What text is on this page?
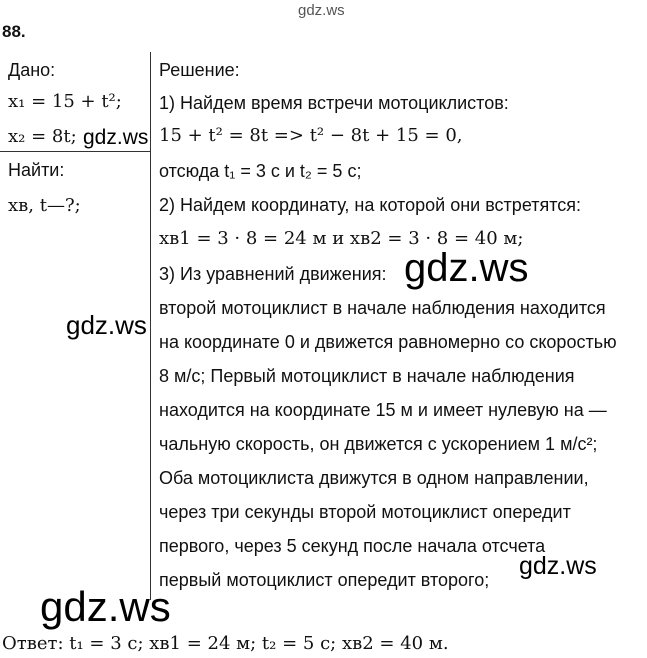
gdz.ws
88.
Дано:
x₁ = 15 + t²;
x₂ = 8t;
Найти:
xв, t—?;
Решение:
1) Найдем время встречи мотоциклистов:
15 + t² = 8t => t² − 8t + 15 = 0,
отсюда t₁ = 3 с и t₂ = 5 с;
2) Найдем координату, на которой они встретятся:
xв1 = 3 · 8 = 24 м и xв2 = 3 · 8 = 40 м;
3) Из уравнений движения:
второй мотоциклист в начале наблюдения находится
на координате 0 и движется равномерно со скоростью
8 м/с; Первый мотоциклист в начале наблюдения
находится на координате 15 м и имеет нулевую на —
чальную скорость, он движется с ускорением 1 м/с²;
Оба мотоциклиста движутся в одном направлении,
через три секунды второй мотоциклист опередит
первого, через 5 секунд после начала отсчета
первый мотоциклист опередит второго;
Ответ: t₁ = 3 с; xв1 = 24 м; t₂ = 5 с; xв2 = 40 м.
gdz.ws
gdz.ws
gdz.ws
gdz.ws
gdz.ws
